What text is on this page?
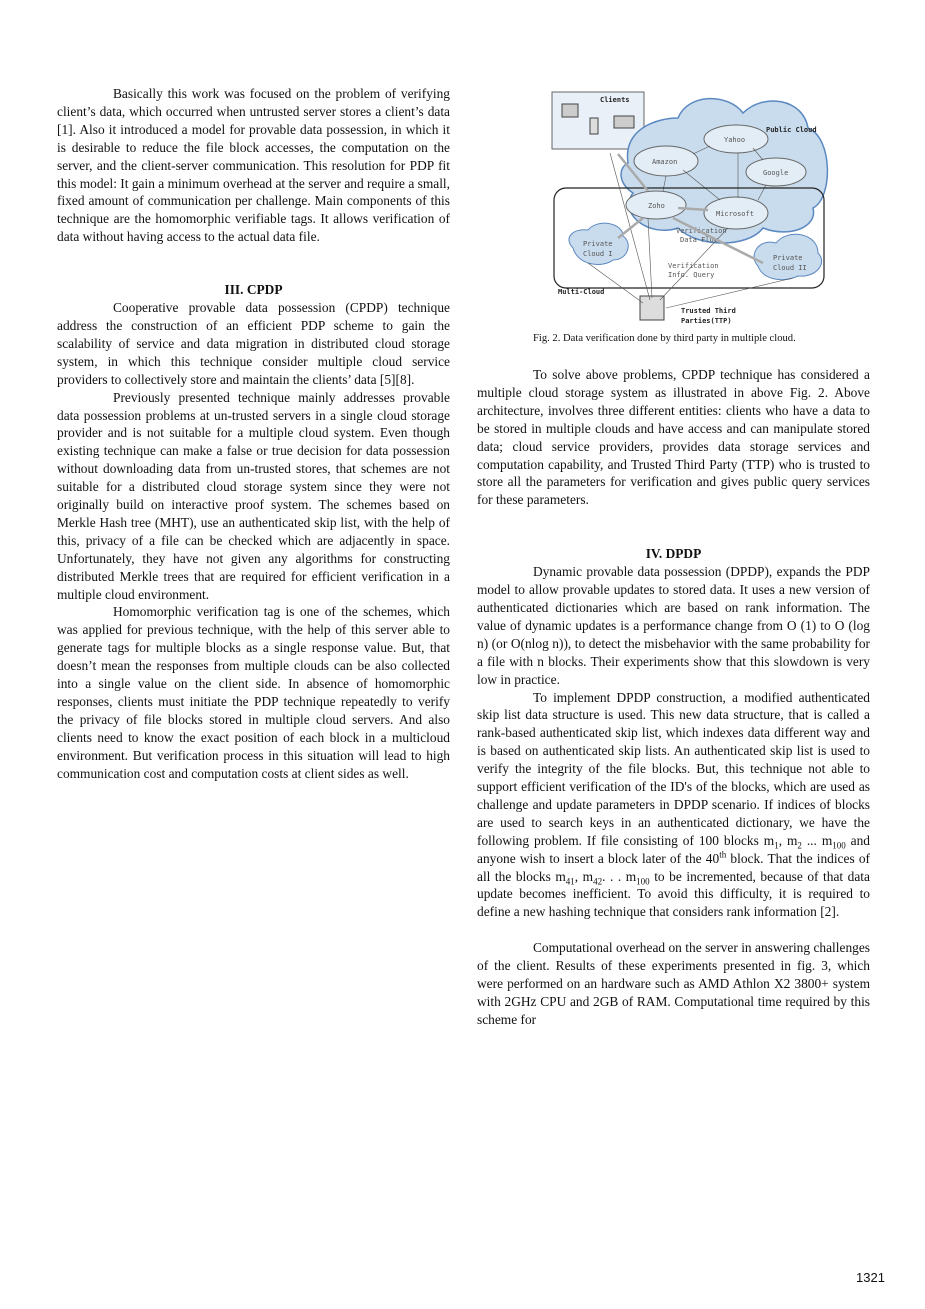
Basically this work was focused on the problem of verifying client’s data, which occurred when untrusted server stores a client’s data [1]. Also it introduced a model for provable data possession, in which it is desirable to reduce the file block accesses, the computation on the server, and the client-server communication. This resolution for PDP fit this model: It gain a minimum overhead at the server and require a small, fixed amount of communication per challenge. Main components of this technique are the homomorphic verifiable tags. It allows verification of data without having access to the actual data file.

III. CPDP

Cooperative provable data possession (CPDP) technique address the construction of an efficient PDP scheme to gain the scalability of service and data migration in distributed cloud storage system, in which this technique consider multiple cloud service providers to collectively store and maintain the clients’ data [5][8].

Previously presented technique mainly addresses provable data possession problems at un-trusted servers in a single cloud storage provider and is not suitable for a multiple cloud system. Even though existing technique can make a false or true decision for data possession without downloading data from un-trusted stores, that schemes are not suitable for a distributed cloud storage system since they were not originally build on interactive proof system. The schemes based on Merkle Hash tree (MHT), use an authenticated skip list, with the help of this, privacy of a file can be checked which are adjacently in space. Unfortunately, they have not given any algorithms for constructing distributed Merkle trees that are required for efficient verification in a multiple cloud environment.

Homomorphic verification tag is one of the schemes, which was applied for previous technique, with the help of this server able to generate tags for multiple blocks as a single response value. But, that doesn’t mean the responses from multiple clouds can be also collected into a single value on the client side. In absence of homomorphic responses, clients must initiate the PDP technique repeatedly to verify the privacy of file blocks stored in multiple cloud servers. And also clients need to know the exact position of each block in a multicloud environment. But verification process in this situation will lead to high communication cost and computation costs at client sides as well.

Clients
Public Cloud
Yahoo
Amazon
Google
Zoho
Microsoft
Private
Cloud I	Private
Cloud II
Verification
Data Flow
Verification
Info. Query
Multi-Cloud
Trusted Third
Parties(TTP)
Fig. 2. Data verification done by third party in multiple cloud.

To solve above problems, CPDP technique has considered a multiple cloud storage system as illustrated in above Fig. 2. Above architecture, involves three different entities: clients who have a data to be stored in multiple clouds and have access and can manipulate stored data; cloud service providers, provides data storage services and computation capability, and Trusted Third Party (TTP) who is trusted to store all the parameters for verification and gives public query services for these parameters.

IV. DPDP

Dynamic provable data possession (DPDP), expands the PDP model to allow provable updates to stored data. It uses a new version of authenticated dictionaries which are based on rank information. The value of dynamic updates is a performance change from O (1) to O (log n) (or O(nlog n)), to detect the misbehavior with the same probability for a file with n blocks. Their experiments show that this slowdown is very low in practice.

To implement DPDP construction, a modified authenticated skip list data structure is used. This new data structure, that is called a rank-based authenticated skip list, which indexes data different way and is based on authenticated skip lists. An authenticated skip list is used to verify the integrity of the file blocks. But, this technique not able to support efficient verification of the ID's of the blocks, which are used as challenge and update parameters in DPDP scenario. If indices of blocks are used to search keys in an authenticated dictionary, we have the following problem. If file consisting of 100 blocks $m_1$, $m_2$ ... $m_{100}$ and anyone wish to insert a block later of the 40th block. That the indices of all the blocks $m_{41}$, $m_{42}$. . . $m_{100}$ to be incremented, because of that data update becomes inefficient. To avoid this difficulty, it is required to define a new hashing technique that considers rank information [2].

Computational overhead on the server in answering challenges of the client. Results of these experiments presented in fig. 3, which were performed on an hardware such as AMD Athlon X2 3800+ system with 2GHz CPU and 2GB of RAM. Computational time required by this scheme for

1321
